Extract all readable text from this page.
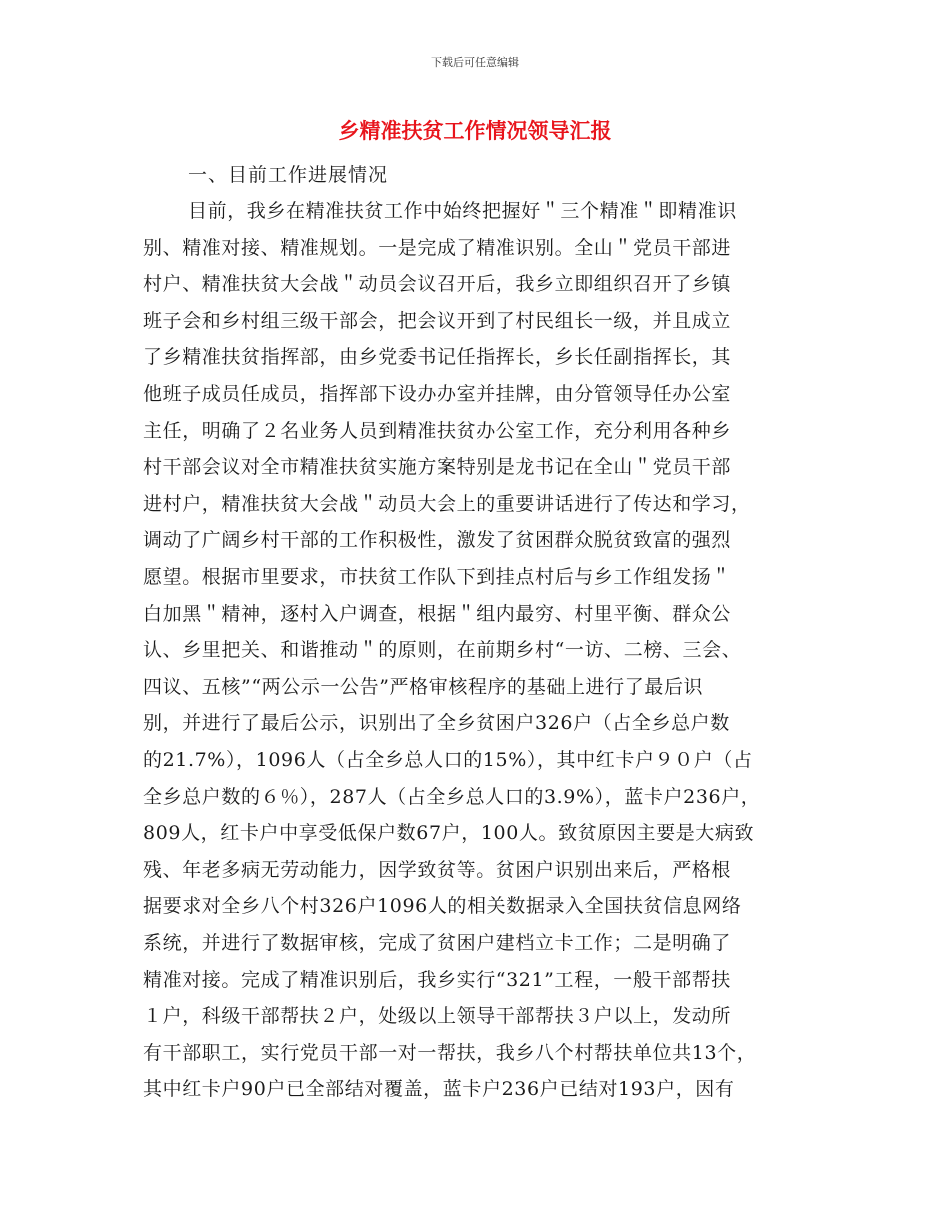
下载后可任意编辑
乡精准扶贫工作情况领导汇报
一、目前工作进展情况
目前，我乡在精准扶贫工作中始终把握好＂三个精准＂即精准识
别、精准对接、精准规划。一是完成了精准识别。全山＂党员干部进
村户、精准扶贫大会战＂动员会议召开后，我乡立即组织召开了乡镇
班子会和乡村组三级干部会，把会议开到了村民组长一级，并且成立
了乡精准扶贫指挥部，由乡党委书记任指挥长，乡长任副指挥长，其
他班子成员任成员，指挥部下设办办室并挂牌，由分管领导任办公室
主任，明确了２名业务人员到精准扶贫办公室工作，充分利用各种乡
村干部会议对全市精准扶贫实施方案特别是龙书记在全山＂党员干部
进村户，精准扶贫大会战＂动员大会上的重要讲话进行了传达和学习，
调动了广阔乡村干部的工作积极性，激发了贫困群众脱贫致富的强烈
愿望。根据市里要求，市扶贫工作队下到挂点村后与乡工作组发扬＂
白加黑＂精神，逐村入户调查，根据＂组内最穷、村里平衡、群众公
认、乡里把关、和谐推动＂的原则，在前期乡村“一访、二榜、三会、
四议、五核”“两公示一公告”严格审核程序的基础上进行了最后识
别，并进行了最后公示，识别出了全乡贫困户326户（占全乡总户数
的21.7%），1096人（占全乡总人口的15%），其中红卡户９０户（占
全乡总户数的６％），287人（占全乡总人口的3.9%），蓝卡户236户，
809人，红卡户中享受低保户数67户，100人。致贫原因主要是大病致
残、年老多病无劳动能力，因学致贫等。贫困户识别出来后，严格根
据要求对全乡八个村326户1096人的相关数据录入全国扶贫信息网络
系统，并进行了数据审核，完成了贫困户建档立卡工作；二是明确了
精准对接。完成了精准识别后，我乡实行“321”工程，一般干部帮扶
１户，科级干部帮扶２户，处级以上领导干部帮扶３户以上，发动所
有干部职工，实行党员干部一对一帮扶，我乡八个村帮扶单位共13个，
其中红卡户90户已全部结对覆盖，蓝卡户236户已结对193户，因有
